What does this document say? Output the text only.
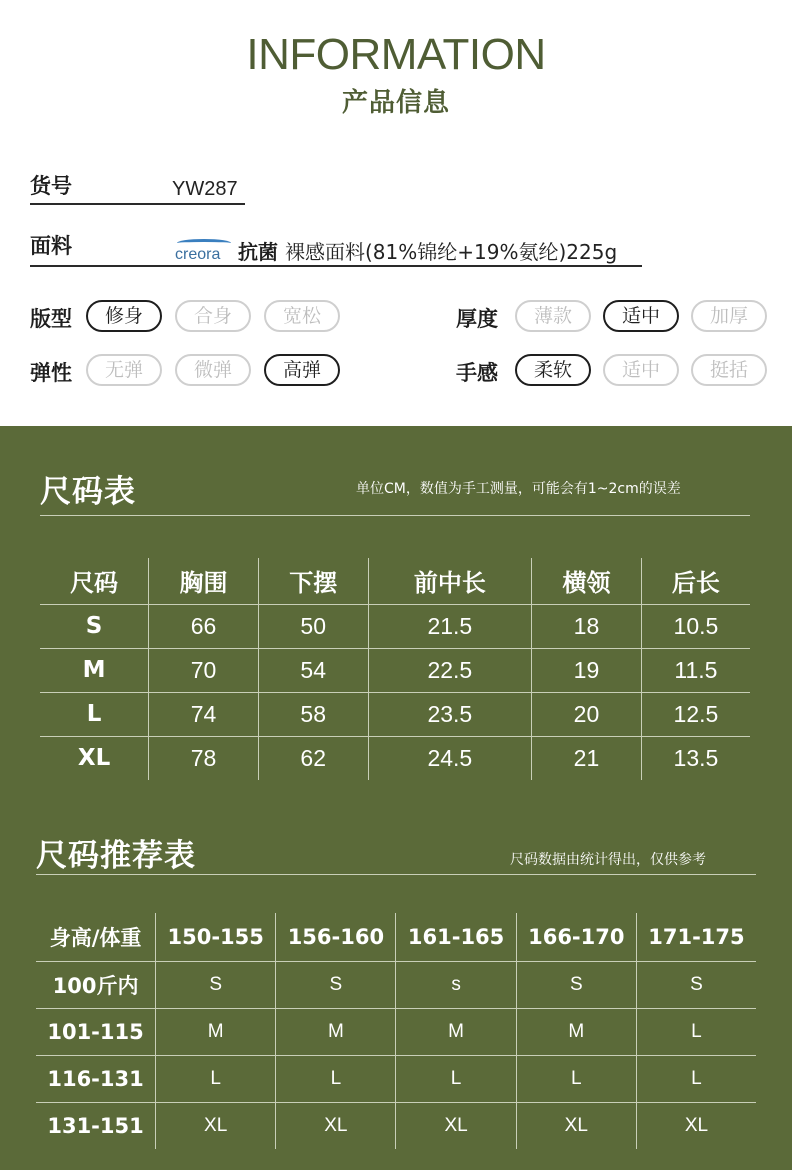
INFORMATION
产品信息
货号	YW287
面料	creora 抗菌 裸感面料(81%锦纶+19%氨纶)225g
版型	修身	合身	宽松
弹性	无弹	微弹	高弹
厚度	薄款	适中	加厚
手感	柔软	适中	挺括
尺码表	单位CM，数值为手工测量，可能会有1~2cm的误差
尺码	胸围	下摆	前中长	横领	后长
S	66	50	21.5	18	10.5
M	70	54	22.5	19	11.5
L	74	58	23.5	20	12.5
XL	78	62	24.5	21	13.5
尺码推荐表	尺码数据由统计得出，仅供参考
身高/体重	150-155	156-160	161-165	166-170	171-175
100斤内	S	S	s	S	S
101-115	M	M	M	M	L
116-131	L	L	L	L	L
131-151	XL	XL	XL	XL	XL
